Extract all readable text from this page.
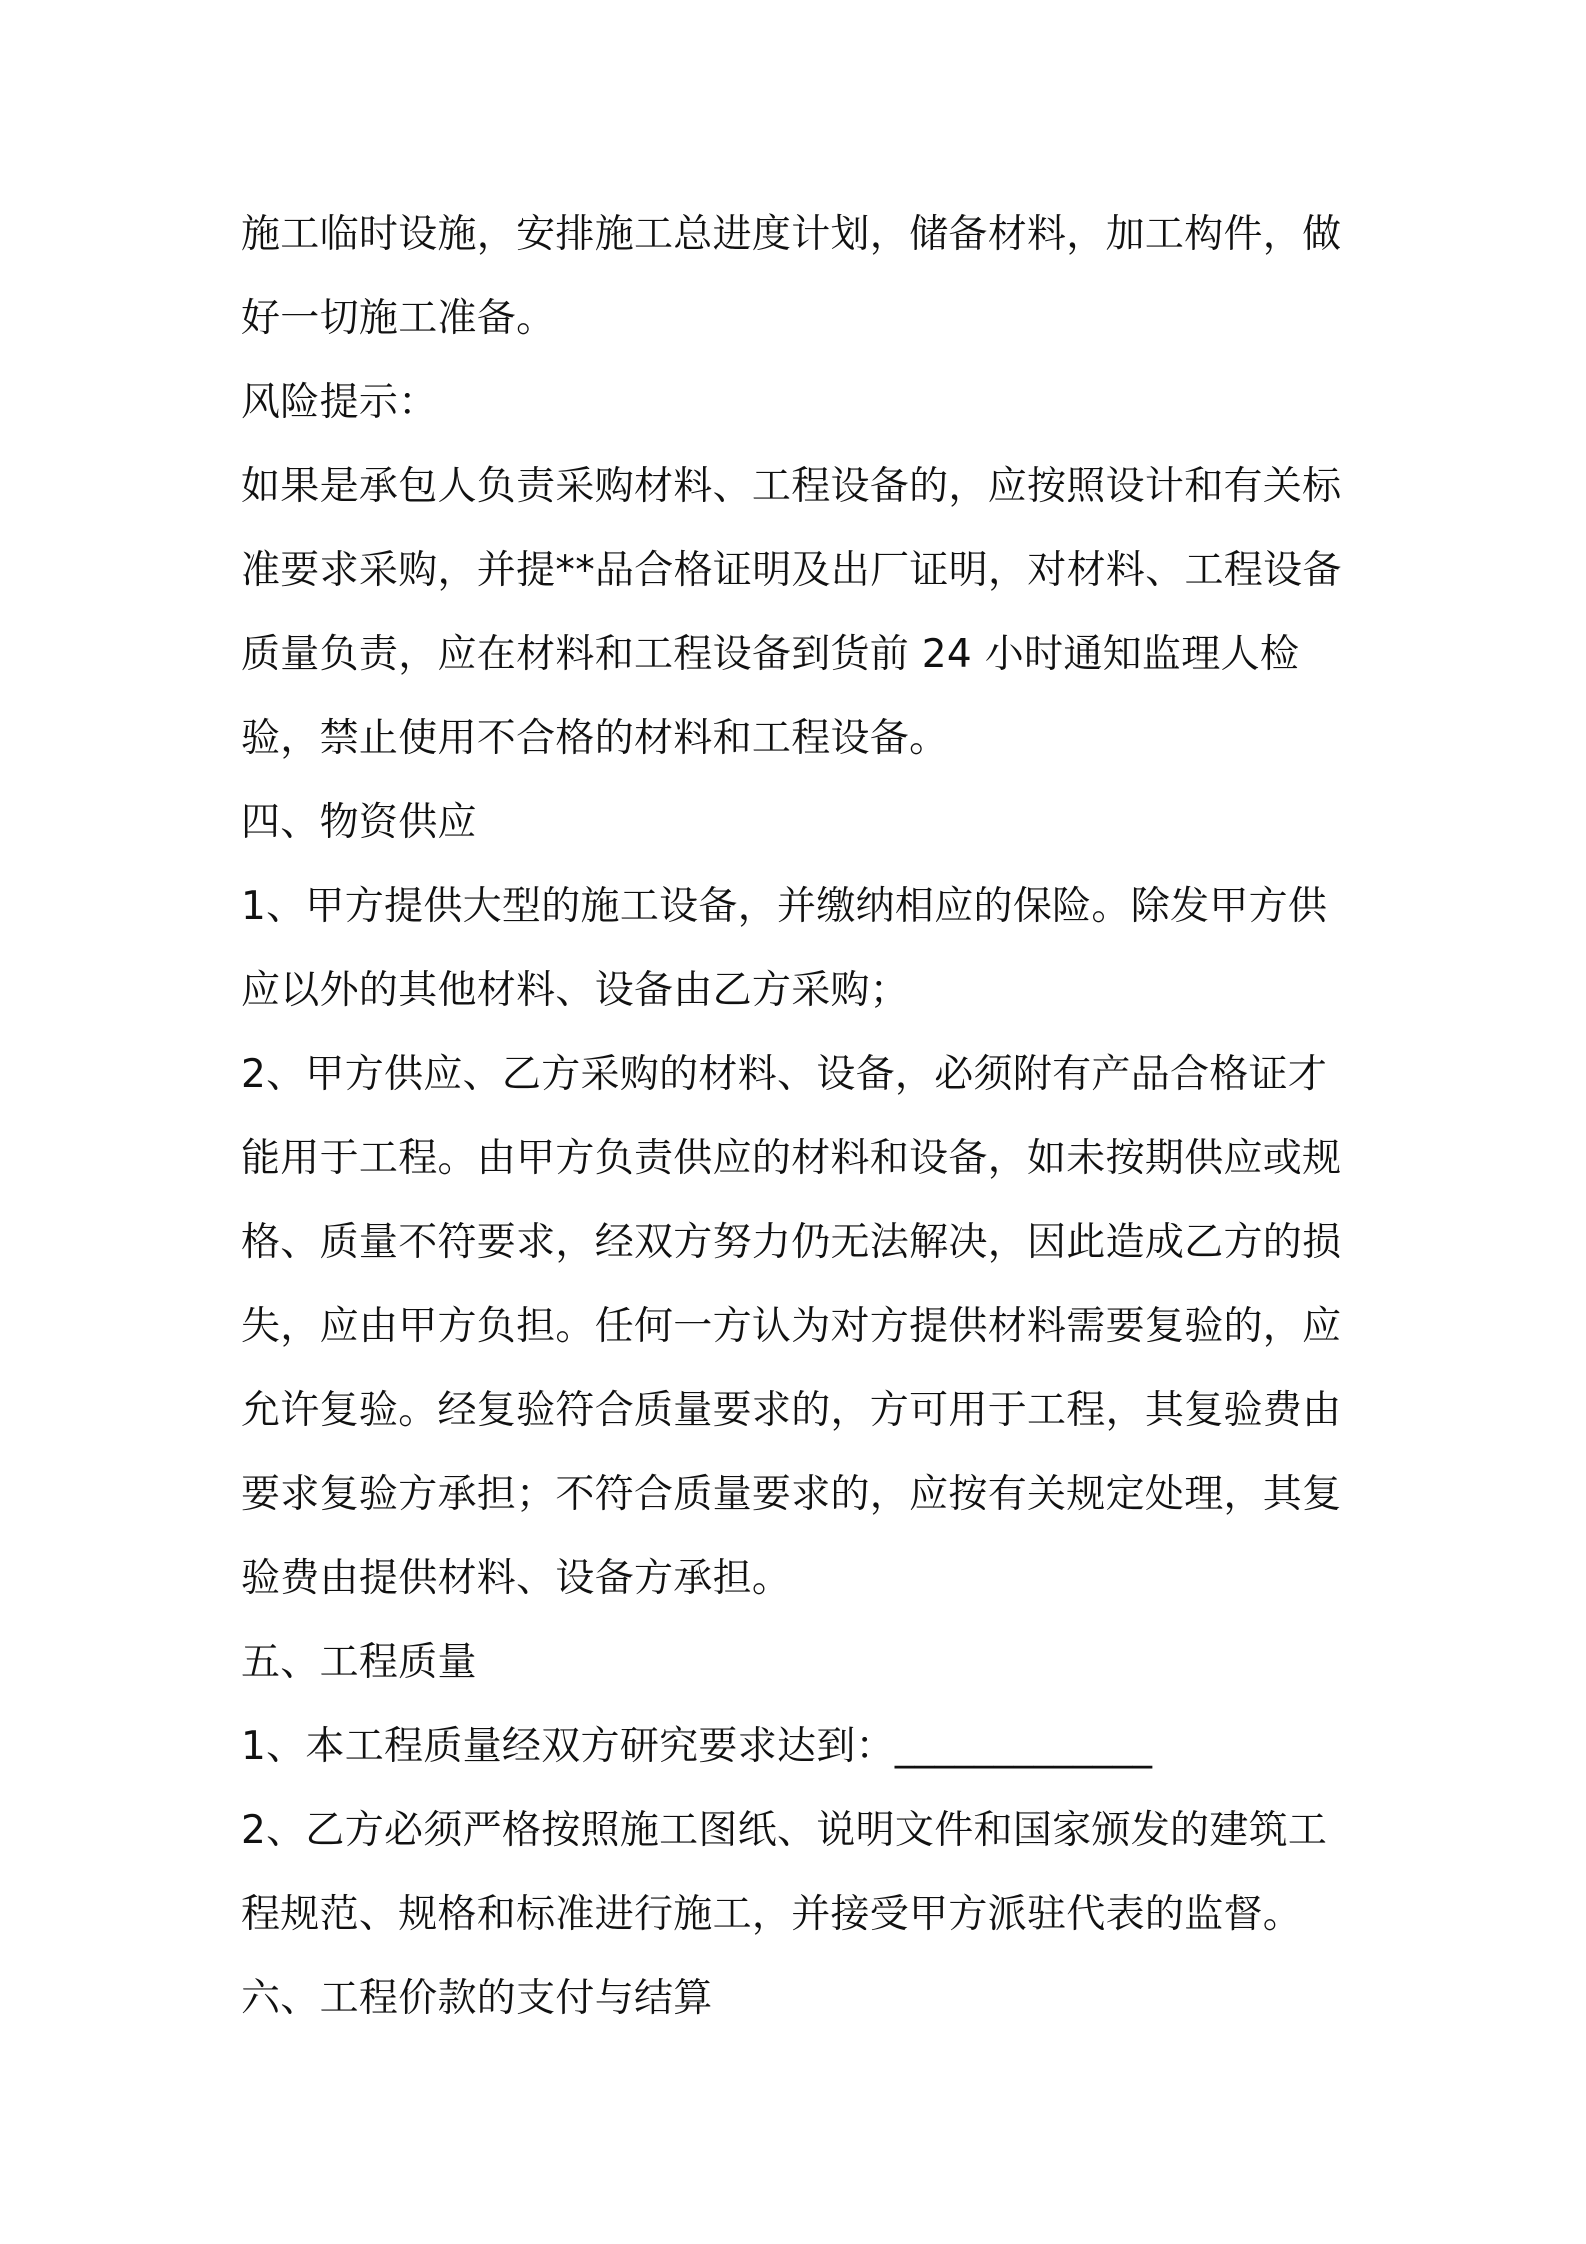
施工临时设施，安排施工总进度计划，储备材料，加工构件，做好一切施工准备。

风险提示：

如果是承包人负责采购材料、工程设备的，应按照设计和有关标准要求采购，并提**品合格证明及出厂证明，对材料、工程设备质量负责，应在材料和工程设备到货前 24 小时通知监理人检验，禁止使用不合格的材料和工程设备。

四、物资供应

1、甲方提供大型的施工设备，并缴纳相应的保险。除发甲方供应以外的其他材料、设备由乙方采购；

2、甲方供应、乙方采购的材料、设备，必须附有产品合格证才能用于工程。由甲方负责供应的材料和设备，如未按期供应或规格、质量不符要求，经双方努力仍无法解决，因此造成乙方的损失，应由甲方负担。任何一方认为对方提供材料需要复验的，应允许复验。经复验符合质量要求的，方可用于工程，其复验费由要求复验方承担；不符合质量要求的，应按有关规定处理，其复验费由提供材料、设备方承担。

五、工程质量

1、本工程质量经双方研究要求达到：_____________

2、乙方必须严格按照施工图纸、说明文件和国家颁发的建筑工程规范、规格和标准进行施工，并接受甲方派驻代表的监督。

六、工程价款的支付与结算
